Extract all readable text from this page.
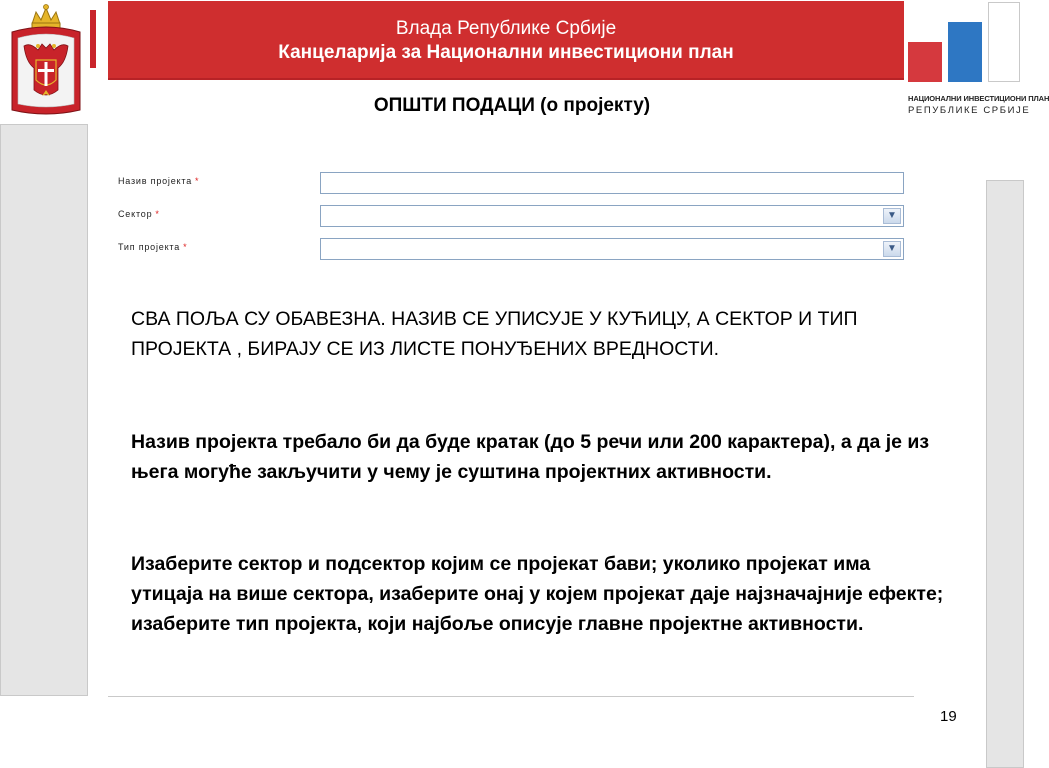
Влада Републике Србије
Канцеларија за Национални инвестициони план
НАЦИОНАЛНИ ИНВЕСТИЦИОНИ ПЛАН
РЕПУБЛИКЕ СРБИЈЕ
ОПШТИ ПОДАЦИ (о пројекту)
Назив пројекта *
Сектор *	▼
Тип пројекта *	▼
СВА ПОЉА СУ ОБАВЕЗНА. НАЗИВ СЕ УПИСУЈЕ У КУЋИЦУ, А СЕКТОР И ТИП ПРОЈЕКТА , БИРАЈУ СЕ ИЗ ЛИСТЕ ПОНУЂЕНИХ ВРЕДНОСТИ.
Назив пројекта требало би да буде кратак (до 5 речи или 200 карактера), а да је из њега могуће закључити у чему је суштина пројектних активности.
Изаберите сектор и подсектор којим се пројекат бави; уколико пројекат има утицаја на више сектора, изаберите онај у којем пројекат даје најзначајније ефекте; изаберите тип пројекта, који најбоље описује главне пројектне активности.
19
